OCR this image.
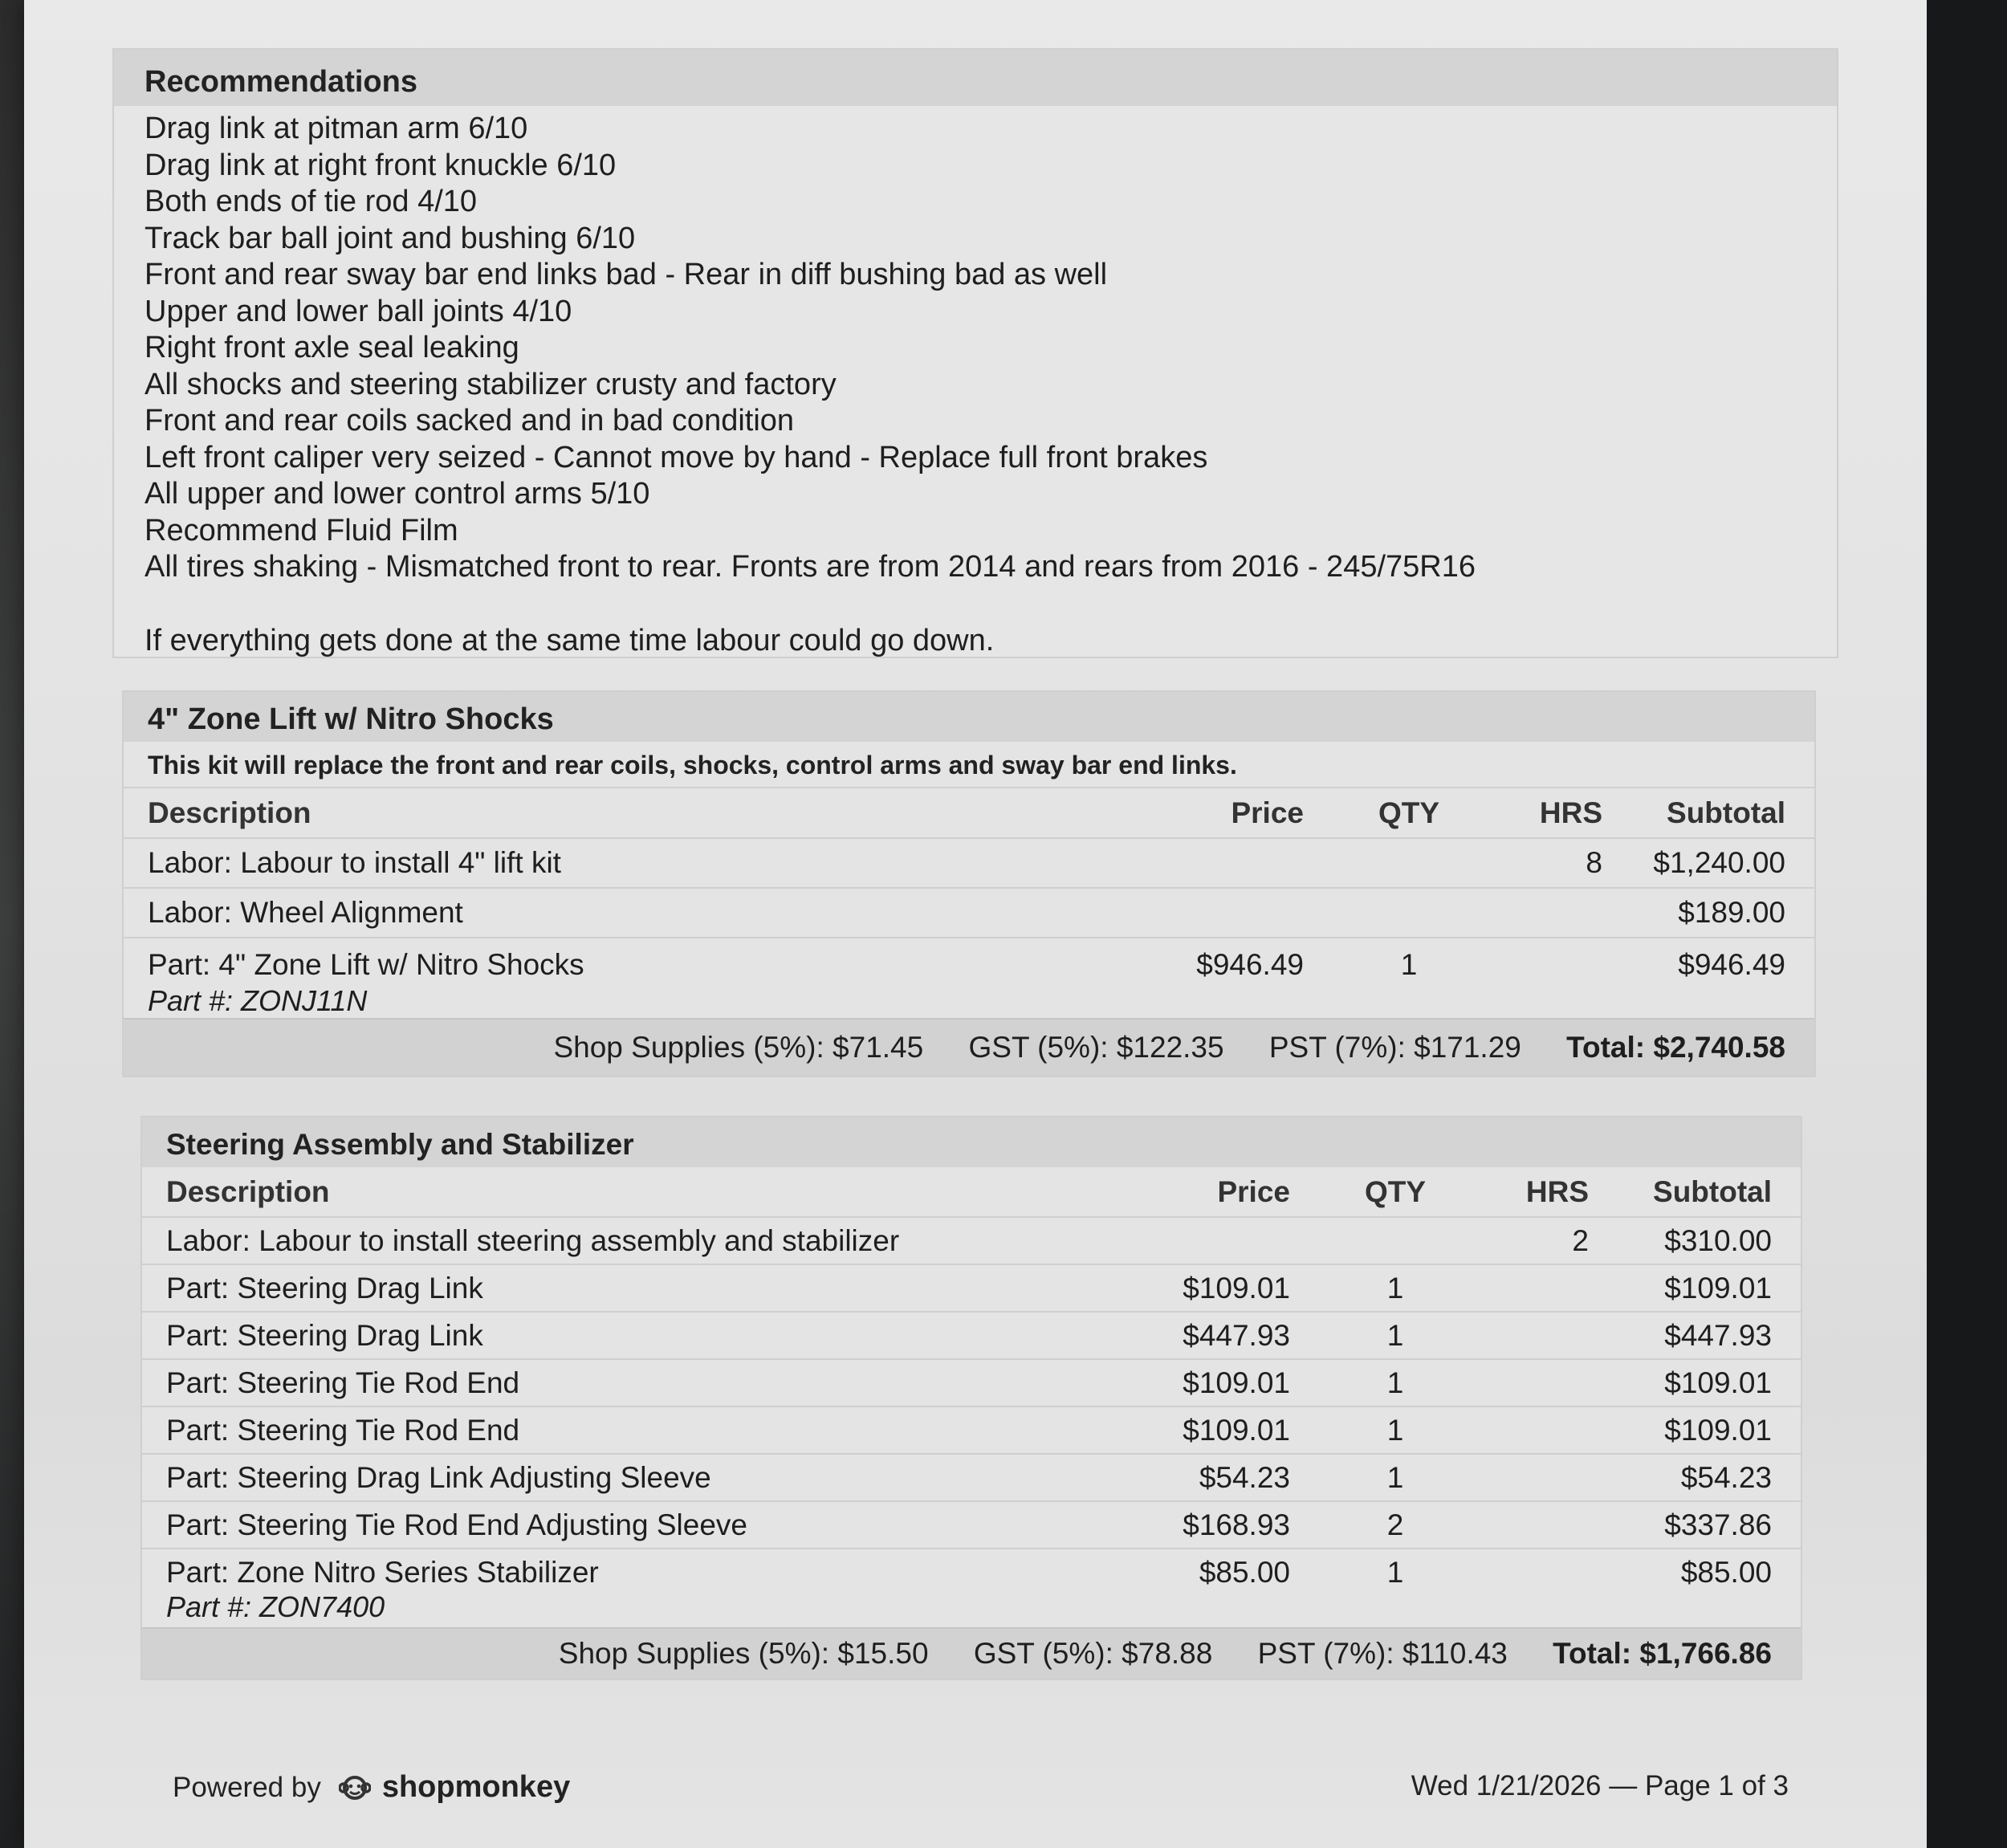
Recommendations
Drag link at pitman arm 6/10
Drag link at right front knuckle 6/10
Both ends of tie rod 4/10
Track bar ball joint and bushing 6/10
Front and rear sway bar end links bad - Rear in diff bushing bad as well
Upper and lower ball joints 4/10
Right front axle seal leaking
All shocks and steering stabilizer crusty and factory
Front and rear coils sacked and in bad condition
Left front caliper very seized - Cannot move by hand - Replace full front brakes
All upper and lower control arms 5/10
Recommend Fluid Film
All tires shaking - Mismatched front to rear. Fronts are from 2014 and rears from 2016 - 245/75R16
If everything gets done at the same time labour could go down.
4" Zone Lift w/ Nitro Shocks
This kit will replace the front and rear coils, shocks, control arms and sway bar end links.
Description	Price	QTY	HRS	Subtotal
Labor: Labour to install 4" lift kit			8	$1,240.00
Labor: Wheel Alignment				$189.00
Part: 4" Zone Lift w/ Nitro Shocks
Part #: ZONJ11N	$946.49	1		$946.49
Shop Supplies (5%): $71.45 GST (5%): $122.35 PST (7%): $171.29 Total: $2,740.58
Steering Assembly and Stabilizer
Description	Price	QTY	HRS	Subtotal
Labor: Labour to install steering assembly and stabilizer			2	$310.00
Part: Steering Drag Link	$109.01	1		$109.01
Part: Steering Drag Link	$447.93	1		$447.93
Part: Steering Tie Rod End	$109.01	1		$109.01
Part: Steering Tie Rod End	$109.01	1		$109.01
Part: Steering Drag Link Adjusting Sleeve	$54.23	1		$54.23
Part: Steering Tie Rod End Adjusting Sleeve	$168.93	2		$337.86
Part: Zone Nitro Series Stabilizer
Part #: ZON7400	$85.00	1		$85.00
Shop Supplies (5%): $15.50 GST (5%): $78.88 PST (7%): $110.43 Total: $1,766.86
Powered by shopmonkey	Wed 1/21/2026 — Page 1 of 3
